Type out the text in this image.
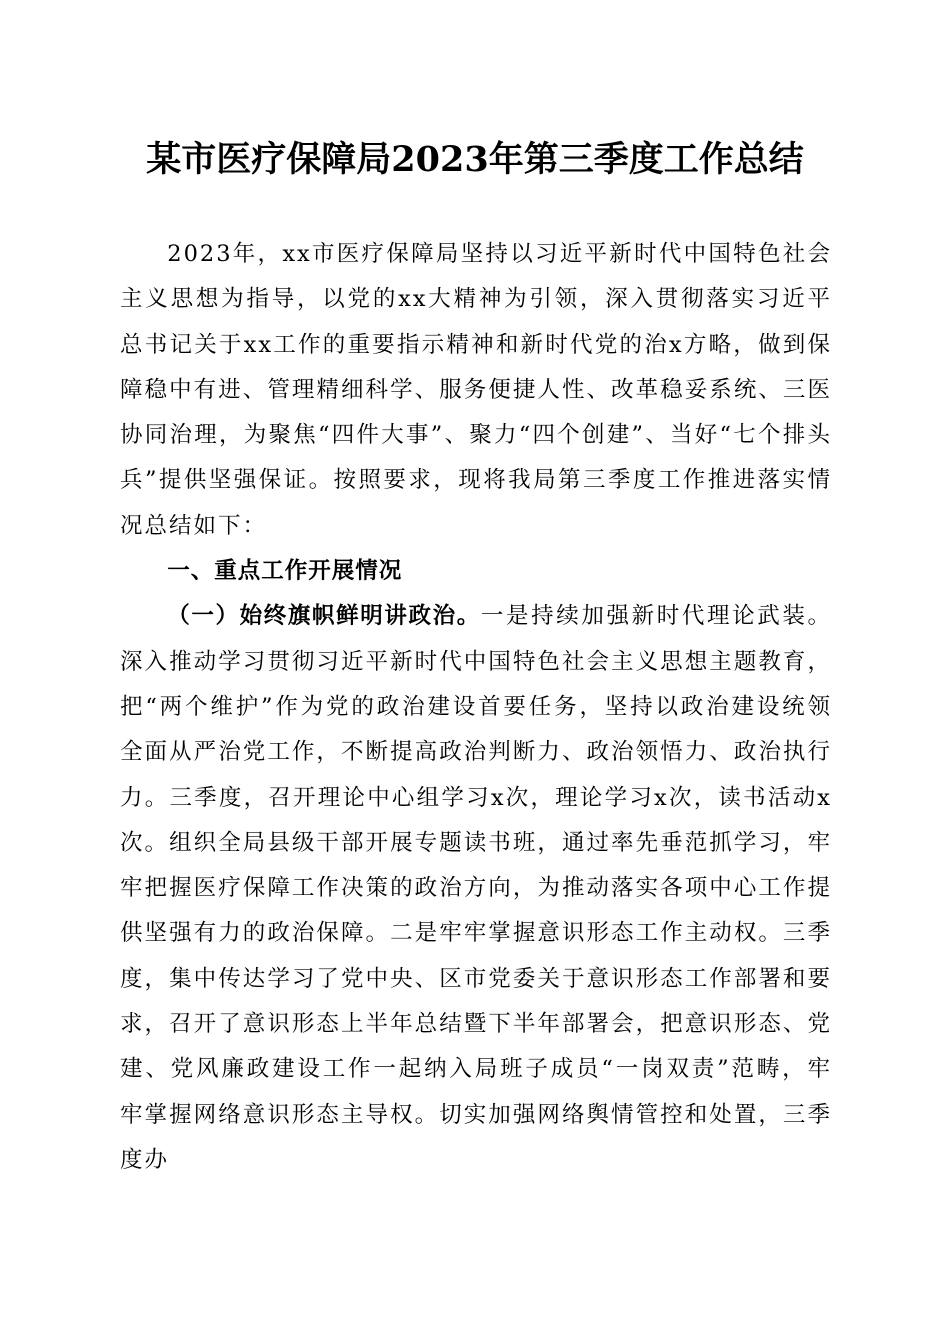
某市医疗保障局2023年第三季度工作总结

2023年，xx市医疗保障局坚持以习近平新时代中国特色社会主义思想为指导，以党的xx大精神为引领，深入贯彻落实习近平总书记关于xx工作的重要指示精神和新时代党的治x方略，做到保障稳中有进、管理精细科学、服务便捷人性、改革稳妥系统、三医协同治理，为聚焦“四件大事”、聚力“四个创建”、当好“七个排头兵”提供坚强保证。按照要求，现将我局第三季度工作推进落实情况总结如下：

一、重点工作开展情况

（一）始终旗帜鲜明讲政治。一是持续加强新时代理论武装。深入推动学习贯彻习近平新时代中国特色社会主义思想主题教育，把“两个维护”作为党的政治建设首要任务，坚持以政治建设统领全面从严治党工作，不断提高政治判断力、政治领悟力、政治执行力。三季度，召开理论中心组学习x次，理论学习x次，读书活动x次。组织全局县级干部开展专题读书班，通过率先垂范抓学习，牢牢把握医疗保障工作决策的政治方向，为推动落实各项中心工作提供坚强有力的政治保障。二是牢牢掌握意识形态工作主动权。三季度，集中传达学习了党中央、区市党委关于意识形态工作部署和要求，召开了意识形态上半年总结暨下半年部署会，把意识形态、党建、党风廉政建设工作一起纳入局班子成员“一岗双责”范畴，牢牢掌握网络意识形态主导权。切实加强网络舆情管控和处置，三季度办
